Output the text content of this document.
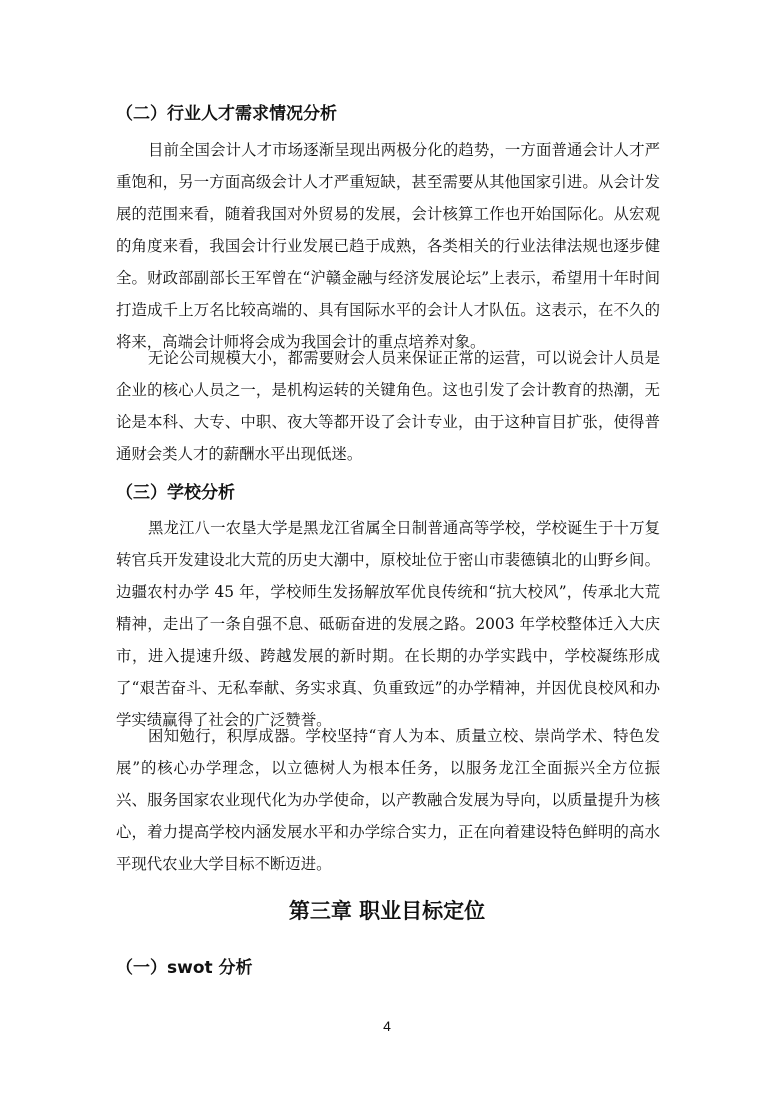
（二）行业人才需求情况分析

目前全国会计人才市场逐渐呈现出两极分化的趋势，一方面普通会计人才严重饱和，另一方面高级会计人才严重短缺，甚至需要从其他国家引进。从会计发展的范围来看，随着我国对外贸易的发展，会计核算工作也开始国际化。从宏观的角度来看，我国会计行业发展已趋于成熟，各类相关的行业法律法规也逐步健全。财政部副部长王军曾在“沪赣金融与经济发展论坛”上表示，希望用十年时间打造成千上万名比较高端的、具有国际水平的会计人才队伍。这表示，在不久的将来，高端会计师将会成为我国会计的重点培养对象。

无论公司规模大小，都需要财会人员来保证正常的运营，可以说会计人员是企业的核心人员之一，是机构运转的关键角色。这也引发了会计教育的热潮，无论是本科、大专、中职、夜大等都开设了会计专业，由于这种盲目扩张，使得普通财会类人才的薪酬水平出现低迷。

（三）学校分析

黑龙江八一农垦大学是黑龙江省属全日制普通高等学校，学校诞生于十万复转官兵开发建设北大荒的历史大潮中，原校址位于密山市裴德镇北的山野乡间。边疆农村办学 45 年，学校师生发扬解放军优良传统和“抗大校风”，传承北大荒精神，走出了一条自强不息、砥砺奋进的发展之路。2003 年学校整体迁入大庆市，进入提速升级、跨越发展的新时期。在长期的办学实践中，学校凝练形成了“艰苦奋斗、无私奉献、务实求真、负重致远”的办学精神，并因优良校风和办学实绩赢得了社会的广泛赞誉。

困知勉行，积厚成器。学校坚持“育人为本、质量立校、崇尚学术、特色发展”的核心办学理念，以立德树人为根本任务，以服务龙江全面振兴全方位振兴、服务国家农业现代化为办学使命，以产教融合发展为导向，以质量提升为核心，着力提高学校内涵发展水平和办学综合实力，正在向着建设特色鲜明的高水平现代农业大学目标不断迈进。

第三章 职业目标定位
（一）swot 分析
4
